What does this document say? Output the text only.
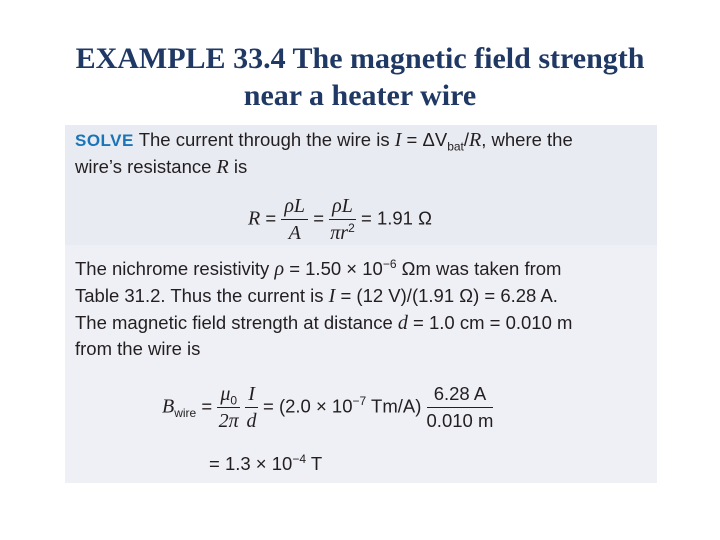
EXAMPLE 33.4 The magnetic field strength
near a heater wire
SOLVE The current through the wire is $I = \Delta V_{bat}/R$, where the
wire’s resistance R is
$R = \frac{\rho L}{A} = \frac{\rho L}{\pi r^2} = 1.91$ Ω
The nichrome resistivity $\rho = 1.50 \times 10^{-6}$ Ωm was taken from
Table 31.2. Thus the current is I = (12 V)/(1.91 Ω) = 6.28 A.
The magnetic field strength at distance d = 1.0 cm = 0.010 m
from the wire is
$B_{wire} = \frac{\mu_0}{2\pi}$
$\frac{I}{d} = (2.0 \times 10^{-7}$ $Tm/A) \frac{6.28 A}{0.010 m}$
= $1.3 \times 10^{-4}$ T
